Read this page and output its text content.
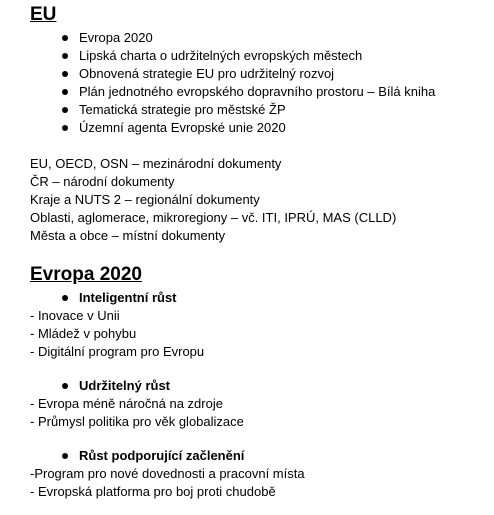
EU
Evropa 2020
Lipská charta o udržitelných evropských městech
Obnovená strategie EU pro udržitelný rozvoj
Plán jednotného evropského dopravního prostoru – Bílá kniha
Tematická strategie pro městské ŽP
Územní agenta Evropské unie 2020
EU, OECD, OSN – mezinárodní dokumenty
ČR – národní dokumenty
Kraje a NUTS 2 – regionální dokumenty
Oblasti, aglomerace, mikroregiony – vč. ITI, IPRÚ, MAS (CLLD)
Města a obce – místní dokumenty
Evropa 2020
Inteligentní růst
- Inovace v Unii
- Mládež v pohybu
- Digitální program pro Evropu
Udržitelný růst
- Evropa méně náročná na zdroje
- Průmysl politika pro věk globalizace
Růst podporující začlenění
-Program pro nové dovednosti a pracovní místa
- Evropská platforma pro boj proti chudobě
